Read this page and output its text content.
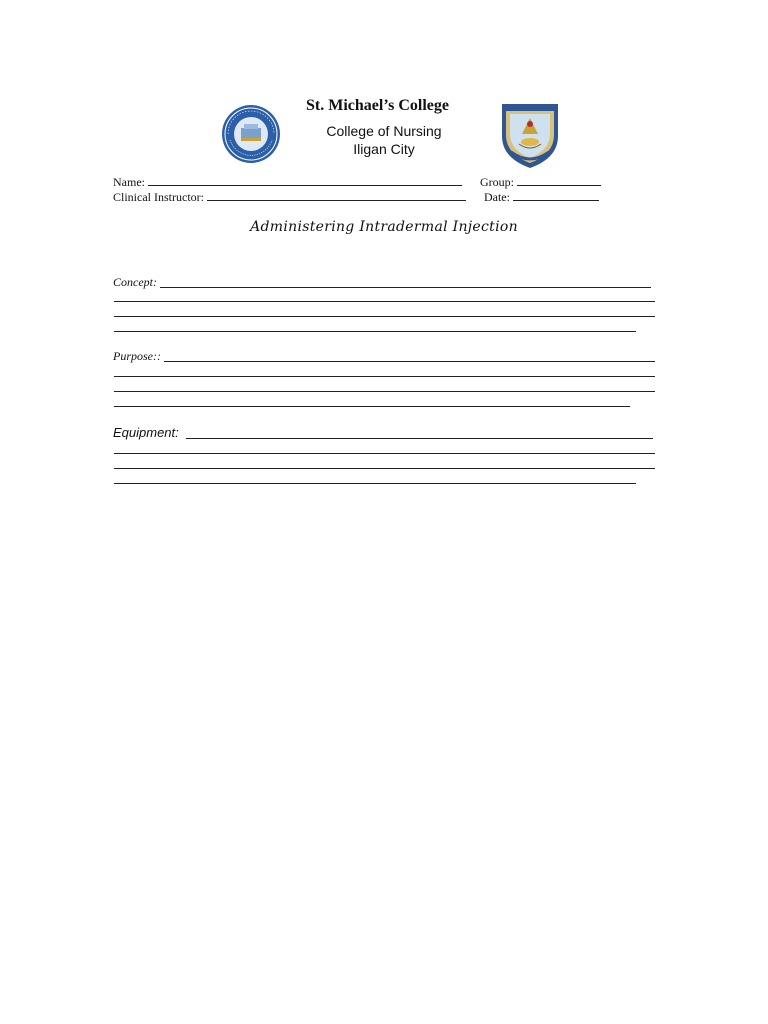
St. Michael’s College
College of Nursing
Iligan City
Name:	Group:
Clinical Instructor:	Date:
Administering Intradermal Injection
Concept:
Purpose::
Equipment:
